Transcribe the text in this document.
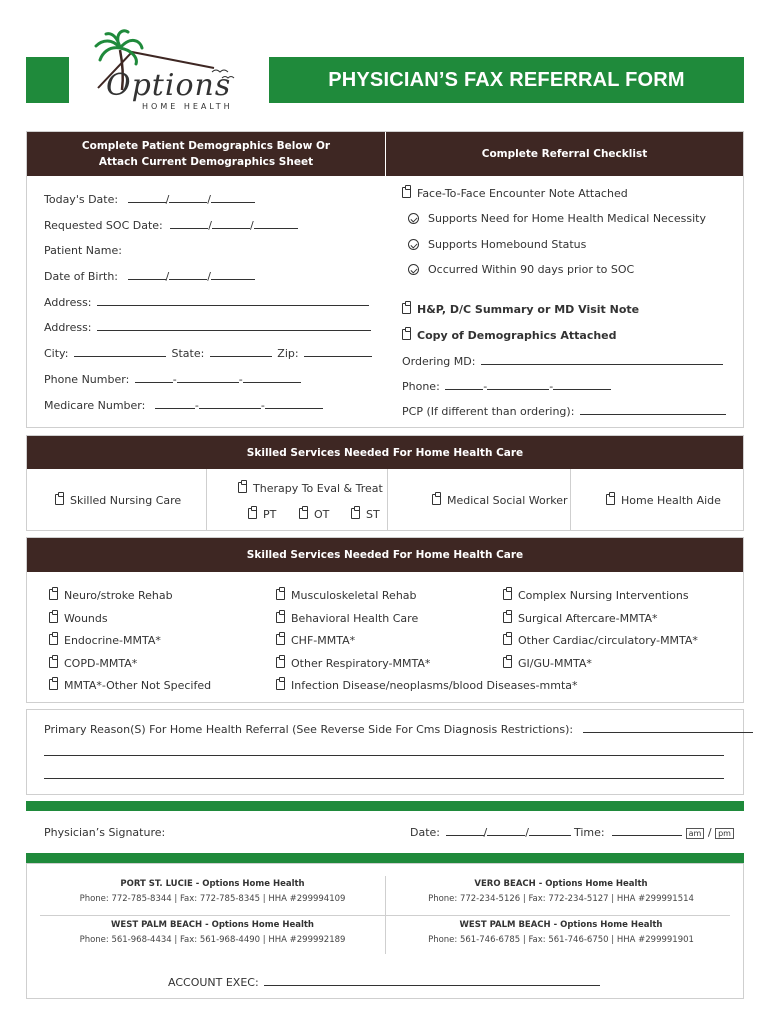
Options
HOME HEALTH
PHYSICIAN’S FAX REFERRAL FORM
Complete Patient Demographics Below Or Attach Current Demographics Sheet
Complete Referral Checklist
Today's Date:	/	/
Requested SOC Date:	/	/
Patient Name:
Date of Birth:	/	/
Address:
Address:
City:	State:	Zip:
Phone Number:	-	-
Medicare Number:	-	-
Face-To-Face Encounter Note Attached
Supports Need for Home Health Medical Necessity
Supports Homebound Status
Occurred Within 90 days prior to SOC
H&P, D/C Summary or MD Visit Note
Copy of Demographics Attached
Ordering MD:
Phone:	-	-
PCP (If different than ordering):
Skilled Services Needed For Home Health Care
Skilled Nursing Care
Therapy To Eval & Treat
PT	OT	ST
Medical Social Worker	Home Health Aide
Skilled Services Needed For Home Health Care
Neuro/stroke Rehab
Wounds
Endocrine-MMTA*
COPD-MMTA*
MMTA*-Other Not Specifed
Musculoskeletal Rehab
Behavioral Health Care
CHF-MMTA*
Other Respiratory-MMTA*
Infection Disease/neoplasms/blood Diseases-mmta*
Complex Nursing Interventions
Surgical Aftercare-MMTA*
Other Cardiac/circulatory-MMTA*
GI/GU-MMTA*
Primary Reason(S) For Home Health Referral (See Reverse Side For Cms Diagnosis Restrictions):
Physician’s Signature:	Date:	/	/	Time:	am / pm
PORT ST. LUCIE - Options Home Health
Phone: 772-785-8344 | Fax: 772-785-8345 | HHA #299994109
VERO BEACH - Options Home Health
Phone: 772-234-5126 | Fax: 772-234-5127 | HHA #299991514
WEST PALM BEACH - Options Home Health
Phone: 561-968-4434 | Fax: 561-968-4490 | HHA #299992189
WEST PALM BEACH - Options Home Health
Phone: 561-746-6785 | Fax: 561-746-6750 | HHA #299991901
ACCOUNT EXEC:
